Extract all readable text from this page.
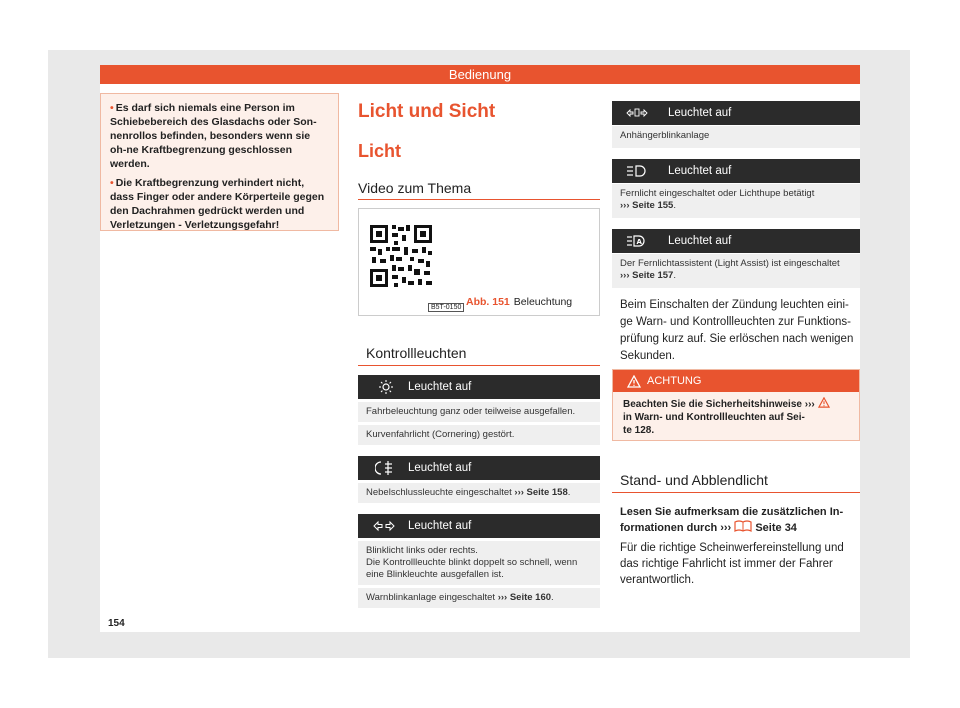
Bedienung

• Es darf sich niemals eine Person im Schiebebereich des Glasdachs oder Son-nenrollos befinden, besonders wenn sie oh-ne Kraftbegrenzung geschlossen werden.

• Die Kraftbegrenzung verhindert nicht, dass Finger oder andere Körperteile gegen den Dachrahmen gedrückt werden und Verletzungen - Verletzungsgefahr!

Licht und Sicht
Licht
Video zum Thema
B5T-0150 Abb. 151 Beleuchtung
Kontrollleuchten
Leuchtet auf
Fahrbeleuchtung ganz oder teilweise ausgefallen.
Kurvenfahrlicht (Cornering) gestört.
Leuchtet auf
Nebelschlussleuchte eingeschaltet ››› Seite 158.
Leuchtet auf
Blinklicht links oder rechts.
Die Kontrollleuchte blinkt doppelt so schnell, wenn
eine Blinkleuchte ausgefallen ist.
Warnblinkanlage eingeschaltet ››› Seite 160.
Leuchtet auf
Anhängerblinkanlage
Leuchtet auf
Fernlicht eingeschaltet oder Lichthupe betätigt
››› Seite 155.
A Leuchtet auf
Der Fernlichtassistent (Light Assist) ist eingeschaltet
››› Seite 157.
Beim Einschalten der Zündung leuchten eini-ge Warn- und Kontrollleuchten zur Funktions-prüfung kurz auf. Sie erlöschen nach wenigen Sekunden.
ACHTUNG
Beachten Sie die Sicherheitshinweise ›››
in Warn- und Kontrollleuchten auf Sei-
te 128.
Stand- und Abblendlicht
Lesen Sie aufmerksam die zusätzlichen In-formationen durch ››› Seite 34
Für die richtige Scheinwerfereinstellung und das richtige Fahrlicht ist immer der Fahrer verantwortlich.
154
